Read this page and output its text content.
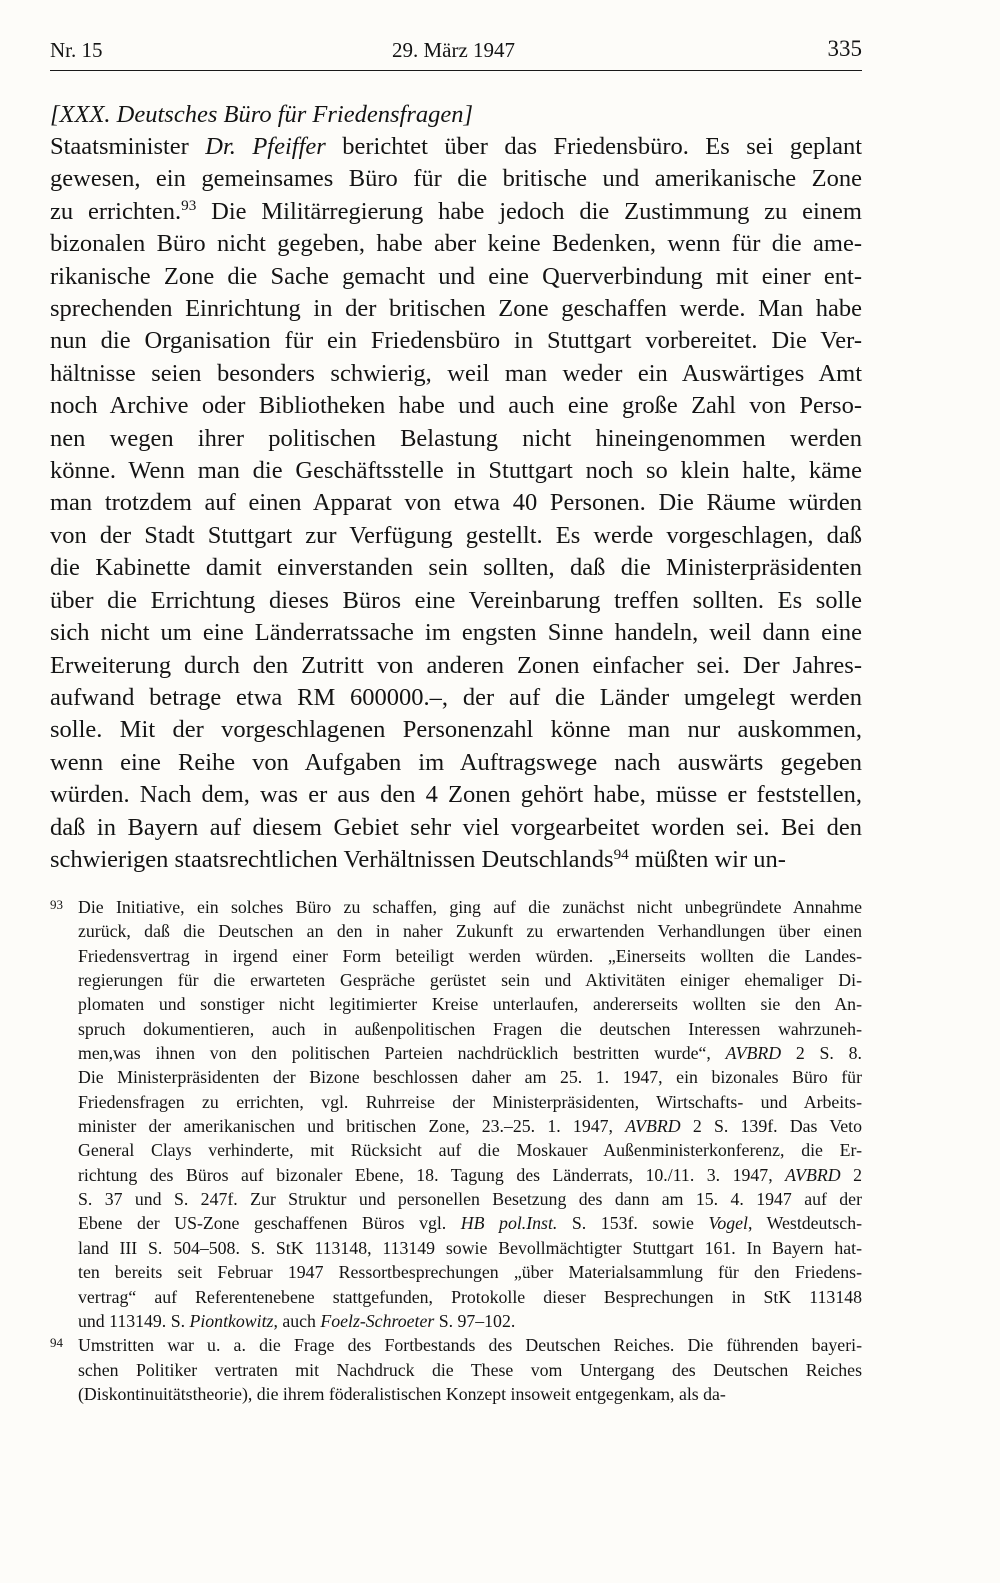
Nr. 15	29. März 1947	335
[XXX. Deutsches Büro für Friedensfragen]
Staatsminister Dr. Pfeiffer berichtet über das Friedensbüro. Es sei geplant
gewesen, ein gemeinsames Büro für die britische und amerikanische Zone
zu errichten.$^{93}$ Die Militärregierung habe jedoch die Zustimmung zu einem
bizonalen Büro nicht gegeben, habe aber keine Bedenken, wenn für die ame-
rikanische Zone die Sache gemacht und eine Querverbindung mit einer ent-
sprechenden Einrichtung in der britischen Zone geschaffen werde. Man habe
nun die Organisation für ein Friedensbüro in Stuttgart vorbereitet. Die Ver-
hältnisse seien besonders schwierig, weil man weder ein Auswärtiges Amt
noch Archive oder Bibliotheken habe und auch eine große Zahl von Perso-
nen wegen ihrer politischen Belastung nicht hineingenommen werden
könne. Wenn man die Geschäftsstelle in Stuttgart noch so klein halte, käme
man trotzdem auf einen Apparat von etwa 40 Personen. Die Räume würden
von der Stadt Stuttgart zur Verfügung gestellt. Es werde vorgeschlagen, daß
die Kabinette damit einverstanden sein sollten, daß die Ministerpräsidenten
über die Errichtung dieses Büros eine Vereinbarung treffen sollten. Es solle
sich nicht um eine Länderratssache im engsten Sinne handeln, weil dann eine
Erweiterung durch den Zutritt von anderen Zonen einfacher sei. Der Jahres-
aufwand betrage etwa RM 600000.–, der auf die Länder umgelegt werden
solle. Mit der vorgeschlagenen Personenzahl könne man nur auskommen,
wenn eine Reihe von Aufgaben im Auftragswege nach auswärts gegeben
würden. Nach dem, was er aus den 4 Zonen gehört habe, müsse er feststellen,
daß in Bayern auf diesem Gebiet sehr viel vorgearbeitet worden sei. Bei den
schwierigen staatsrechtlichen Verhältnissen Deutschlands$^{94}$ müßten wir un-
93 Die Initiative, ein solches Büro zu schaffen, ging auf die zunächst nicht unbegründete Annahme
zurück, daß die Deutschen an den in naher Zukunft zu erwartenden Verhandlungen über einen
Friedensvertrag in irgend einer Form beteiligt werden würden. „Einerseits wollten die Landes-
regierungen für die erwarteten Gespräche gerüstet sein und Aktivitäten einiger ehemaliger Di-
plomaten und sonstiger nicht legitimierter Kreise unterlaufen, andererseits wollten sie den An-
spruch dokumentieren, auch in außenpolitischen Fragen die deutschen Interessen wahrzuneh-
men,was ihnen von den politischen Parteien nachdrücklich bestritten wurde“, AVBRD 2 S. 8.
Die Ministerpräsidenten der Bizone beschlossen daher am 25. 1. 1947, ein bizonales Büro für
Friedensfragen zu errichten, vgl. Ruhrreise der Ministerpräsidenten, Wirtschafts- und Arbeits-
minister der amerikanischen und britischen Zone, 23.–25. 1. 1947, AVBRD 2 S. 139f. Das Veto
General Clays verhinderte, mit Rücksicht auf die Moskauer Außenministerkonferenz, die Er-
richtung des Büros auf bizonaler Ebene, 18. Tagung des Länderrats, 10./11. 3. 1947, AVBRD 2
S. 37 und S. 247f. Zur Struktur und personellen Besetzung des dann am 15. 4. 1947 auf der
Ebene der US-Zone geschaffenen Büros vgl. HB pol.Inst. S. 153f. sowie Vogel, Westdeutsch-
land III S. 504–508. S. StK 113148, 113149 sowie Bevollmächtigter Stuttgart 161. In Bayern hat-
ten bereits seit Februar 1947 Ressortbesprechungen „über Materialsammlung für den Friedens-
vertrag“ auf Referentenebene stattgefunden, Protokolle dieser Besprechungen in StK 113148
und 113149. S. Piontkowitz, auch Foelz-Schroeter S. 97–102.
94 Umstritten war u. a. die Frage des Fortbestands des Deutschen Reiches. Die führenden bayeri-
schen Politiker vertraten mit Nachdruck die These vom Untergang des Deutschen Reiches
(Diskontinuitätstheorie), die ihrem föderalistischen Konzept insoweit entgegenkam, als da-
